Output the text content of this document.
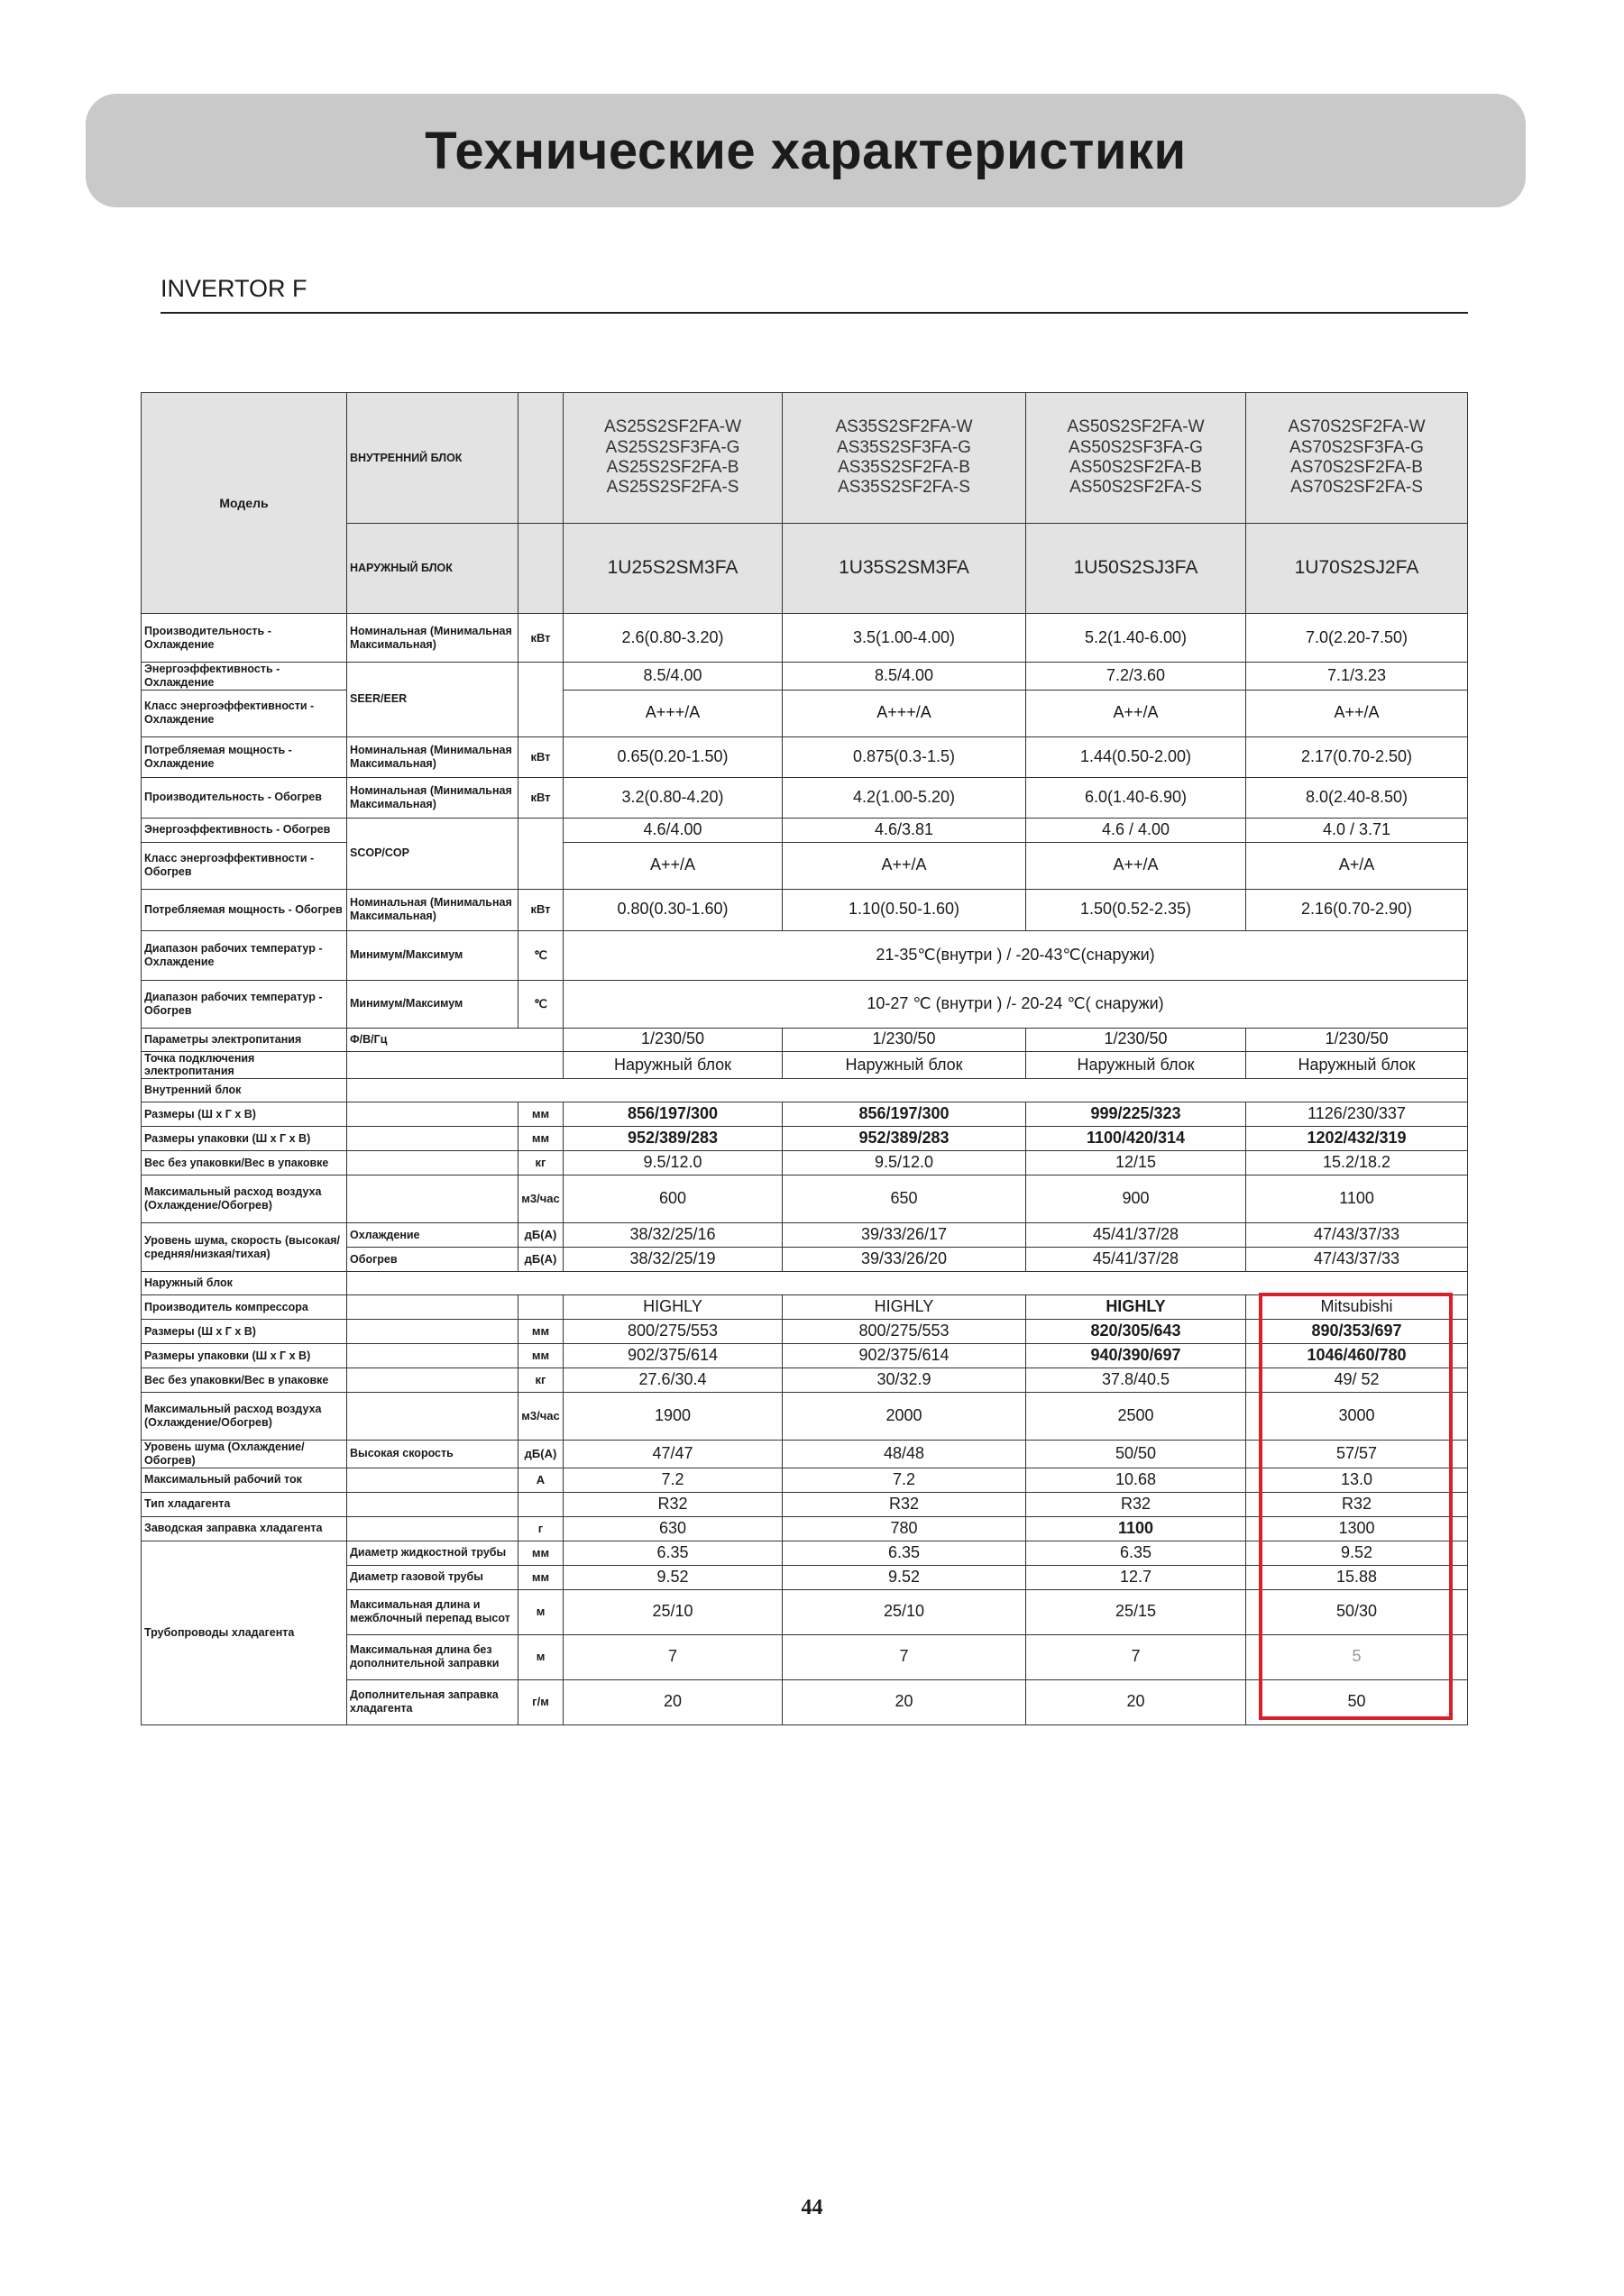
Технические характеристики
INVERTOR F
Модель	ВНУТРЕННИЙ БЛОК		AS25S2SF2FA-W
AS25S2SF3FA-G
AS25S2SF2FA-B
AS25S2SF2FA-S	AS35S2SF2FA-W
AS35S2SF3FA-G
AS35S2SF2FA-B
AS35S2SF2FA-S	AS50S2SF2FA-W
AS50S2SF3FA-G
AS50S2SF2FA-B
AS50S2SF2FA-S	AS70S2SF2FA-W
AS70S2SF3FA-G
AS70S2SF2FA-B
AS70S2SF2FA-S

	НАРУЖНЫЙ БЛОК		1U25S2SM3FA	1U35S2SM3FA	1U50S2SJ3FA	1U70S2SJ2FA
Производительность - Охлаждение	Номинальная (Минимальная Максимальная)	кВт	2.6(0.80-3.20)	3.5(1.00-4.00)	5.2(1.40-6.00)	7.0(2.20-7.50)
Энергоэффективность - Охлаждение	SEER/EER		8.5/4.00	8.5/4.00	7.2/3.60	7.1/3.23
Класс энергоэффективности - Охлаждение			A+++/A	A+++/A	A++/A	A++/A
Потребляемая мощность - Охлаждение	Номинальная (Минимальная Максимальная)	кВт	0.65(0.20-1.50)	0.875(0.3-1.5)	1.44(0.50-2.00)	2.17(0.70-2.50)
Производительность - Обогрев	Номинальная (Минимальная Максимальная)	кВт	3.2(0.80-4.20)	4.2(1.00-5.20)	6.0(1.40-6.90)	8.0(2.40-8.50)
Энергоэффективность - Обогрев	SCOP/COP		4.6/4.00	4.6/3.81	4.6 / 4.00	4.0 / 3.71
Класс энергоэффективности - Обогрев			A++/A	A++/A	A++/A	A+/A
Потребляемая мощность - Обогрев	Номинальная (Минимальная Максимальная)	кВт	0.80(0.30-1.60)	1.10(0.50-1.60)	1.50(0.52-2.35)	2.16(0.70-2.90)
Диапазон рабочих температур - Охлаждение	Минимум/Максимум	℃	21-35℃(внутри ) / -20-43℃(снаружи)			
Диапазон рабочих температур - Обогрев	Минимум/Максимум	℃	10-27 ℃ (внутри ) /- 20-24 ℃( снаружи)			
Параметры электропитания	Ф/В/Гц		1/230/50	1/230/50	1/230/50	1/230/50
Точка подключения электропитания			Наружный блок	Наружный блок	Наружный блок	Наружный блок
Внутренний блок						
Размеры (Ш х Г х В)		мм	856/197/300	856/197/300	999/225/323	1126/230/337
Размеры упаковки (Ш х Г х В)		мм	952/389/283	952/389/283	1100/420/314	1202/432/319
Вес без упаковки/Вес в упаковке		кг	9.5/12.0	9.5/12.0	12/15	15.2/18.2
Максимальный расход воздуха (Охлаждение/Обогрев)		м3/час	600	650	900	1100
Уровень шума, скорость (высокая/средняя/низкая/тихая)	Охлаждение	дБ(А)	38/32/25/16	39/33/26/17	45/41/37/28	47/43/37/33
	Обогрев	дБ(А)	38/32/25/19	39/33/26/20	45/41/37/28	47/43/37/33
Наружный блок						
Производитель компрессора			HIGHLY	HIGHLY	HIGHLY	Mitsubishi
Размеры (Ш х Г х В)		мм	800/275/553	800/275/553	820/305/643	890/353/697
Размеры упаковки (Ш х Г х В)		мм	902/375/614	902/375/614	940/390/697	1046/460/780
Вес без упаковки/Вес в упаковке		кг	27.6/30.4	30/32.9	37.8/40.5	49/ 52
Максимальный расход воздуха (Охлаждение/Обогрев)		м3/час	1900	2000	2500	3000
Уровень шума (Охлаждение/Обогрев)	Высокая скорость	дБ(А)	47/47	48/48	50/50	57/57
Максимальный рабочий ток		А	7.2	7.2	10.68	13.0
Тип хладагента			R32	R32	R32	R32
Заводская заправка хладагента		г	630	780	1100	1300
Трубопроводы хладагента	Диаметр жидкостной трубы	мм	6.35	6.35	6.35	9.52
	Диаметр газовой трубы	мм	9.52	9.52	12.7	15.88
	Максимальная длина и межблочный перепад высот	м	25/10	25/10	25/15	50/30
	Максимальная длина без дополнительной заправки	м	7	7	7	5
	Дополнительная заправка хладагента	г/м	20	20	20	50
44
